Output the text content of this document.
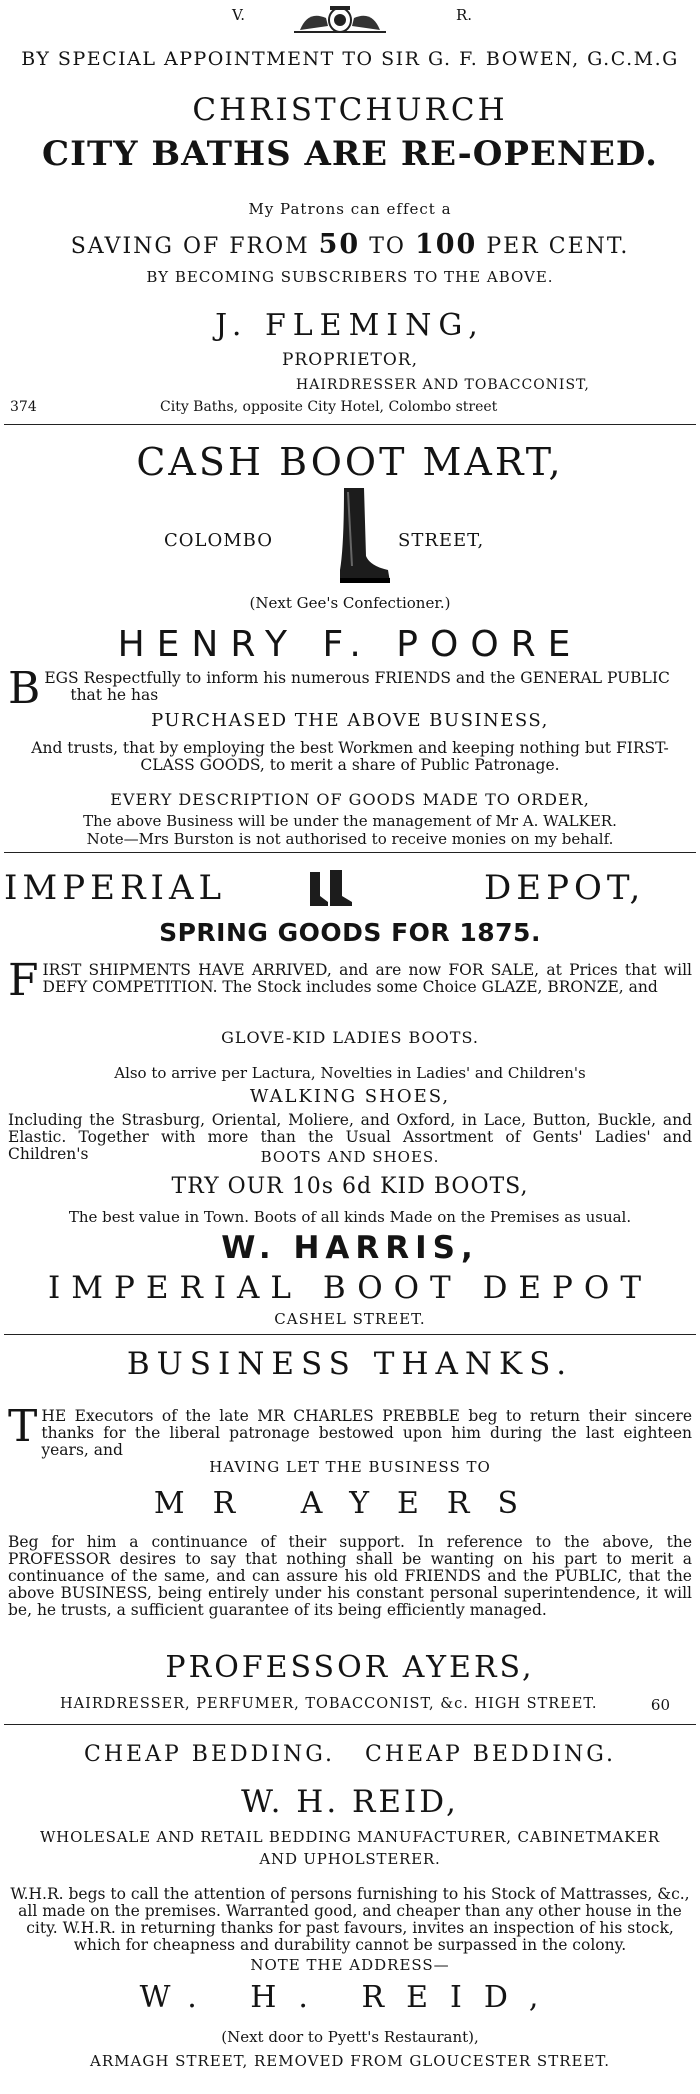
V.	R.
BY SPECIAL APPOINTMENT TO SIR G. F. BOWEN, G.C.M.G
CHRISTCHURCH
CITY BATHS ARE RE-OPENED.
My Patrons can effect a
SAVING OF FROM 50 TO 100 PER CENT.
BY BECOMING SUBSCRIBERS TO THE ABOVE.
J. FLEMING,
PROPRIETOR,
HAIRDRESSER AND TOBACCONIST,
374	City Baths, opposite City Hotel, Colombo street
CASH BOOT MART,
COLOMBO	STREET,
(Next Gee's Confectioner.)
HENRY F. POORE
BEGS Respectfully to inform his numerous FRIENDS and the GENERAL PUBLIC
that he has
PURCHASED THE ABOVE BUSINESS,
And trusts, that by employing the best Workmen and keeping nothing but FIRST-CLASS GOODS, to merit a share of Public Patronage.
EVERY DESCRIPTION OF GOODS MADE TO ORDER,
The above Business will be under the management of Mr A. WALKER.
Note—Mrs Burston is not authorised to receive monies on my behalf.
IMPERIAL	DEPOT,
SPRING GOODS FOR 1875.
FIRST SHIPMENTS HAVE ARRIVED, and are now FOR SALE, at Prices that will DEFY COMPETITION. The Stock includes some Choice GLAZE, BRONZE, and
GLOVE-KID LADIES BOOTS.
Also to arrive per Lactura, Novelties in Ladies' and Children's
WALKING SHOES,
Including the Strasburg, Oriental, Moliere, and Oxford, in Lace, Button, Buckle, and Elastic. Together with more than the Usual Assortment of Gents' Ladies' and Children's	BOOTS AND SHOES.
TRY OUR 10s 6d KID BOOTS,
The best value in Town. Boots of all kinds Made on the Premises as usual.
W. HARRIS,
IMPERIAL BOOT DEPOT
CASHEL STREET.
BUSINESS THANKS.
THE Executors of the late MR CHARLES PREBBLE beg to return their sincere thanks for the liberal patronage bestowed upon him during the last eighteen years, and
HAVING LET THE BUSINESS TO
MR AYERS
Beg for him a continuance of their support. In reference to the above, the PROFESSOR desires to say that nothing shall be wanting on his part to merit a continuance of the same, and can assure his old FRIENDS and the PUBLIC, that the above BUSINESS, being entirely under his constant personal superintendence, it will be, he trusts, a sufficient guarantee of its being efficiently managed.
PROFESSOR AYERS,
HAIRDRESSER, PERFUMER, TOBACCONIST, &c. HIGH STREET.	60
CHEAP BEDDING.   CHEAP BEDDING.
W. H. REID,
WHOLESALE AND RETAIL BEDDING MANUFACTURER, CABINETMAKER
AND UPHOLSTERER.
W.H.R. begs to call the attention of persons furnishing to his Stock of Mattrasses, &c., all made on the premises. Warranted good, and cheaper than any other house in the city. W.H.R. in returning thanks for past favours, invites an inspection of his stock, which for cheapness and durability cannot be surpassed in the colony.
NOTE THE ADDRESS—
W. H. REID,
(Next door to Pyett's Restaurant),
ARMAGH STREET, REMOVED FROM GLOUCESTER STREET.
